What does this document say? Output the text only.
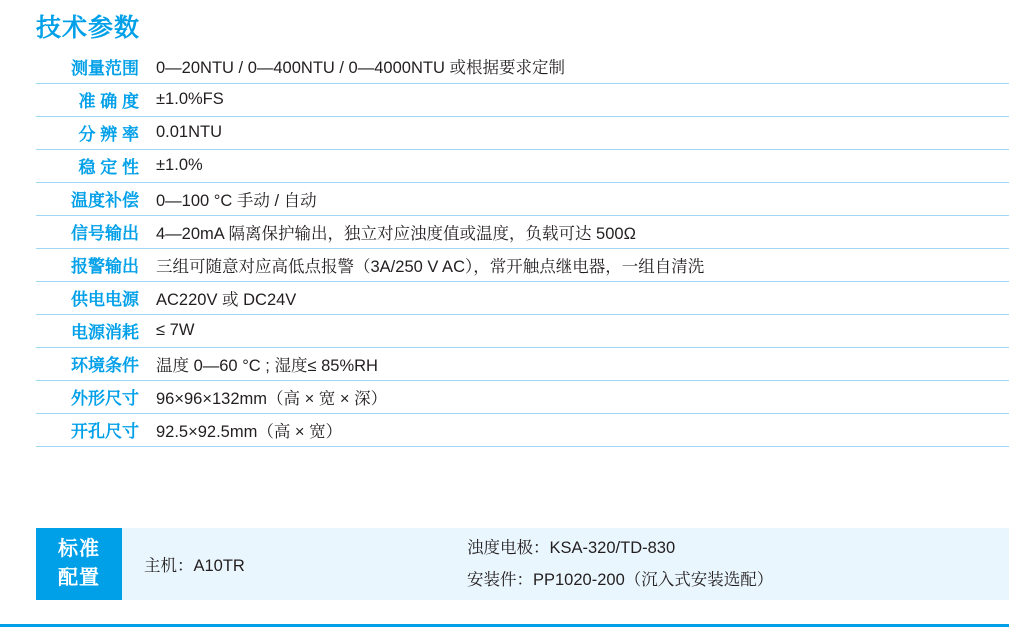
技术参数
测量范围	0—20NTU / 0—400NTU / 0—4000NTU 或根据要求定制
准 确 度	±1.0%FS
分 辨 率	0.01NTU
稳 定 性	±1.0%
温度补偿	0—100 °C 手动 / 自动
信号输出	4—20mA 隔离保护输出，独立对应浊度值或温度，负载可达 500Ω
报警输出	三组可随意对应高低点报警（3A/250 V AC），常开触点继电器，一组自清洗
供电电源	AC220V 或 DC24V
电源消耗	≤ 7W
环境条件	温度 0—60 °C ; 湿度≤ 85%RH
外形尺寸	96×96×132mm（高 × 宽 × 深）
开孔尺寸	92.5×92.5mm（高 × 宽）
标准
配置
主机：A10TR
浊度电极：KSA-320/TD-830
安装件：PP1020-200（沉入式安装选配）
